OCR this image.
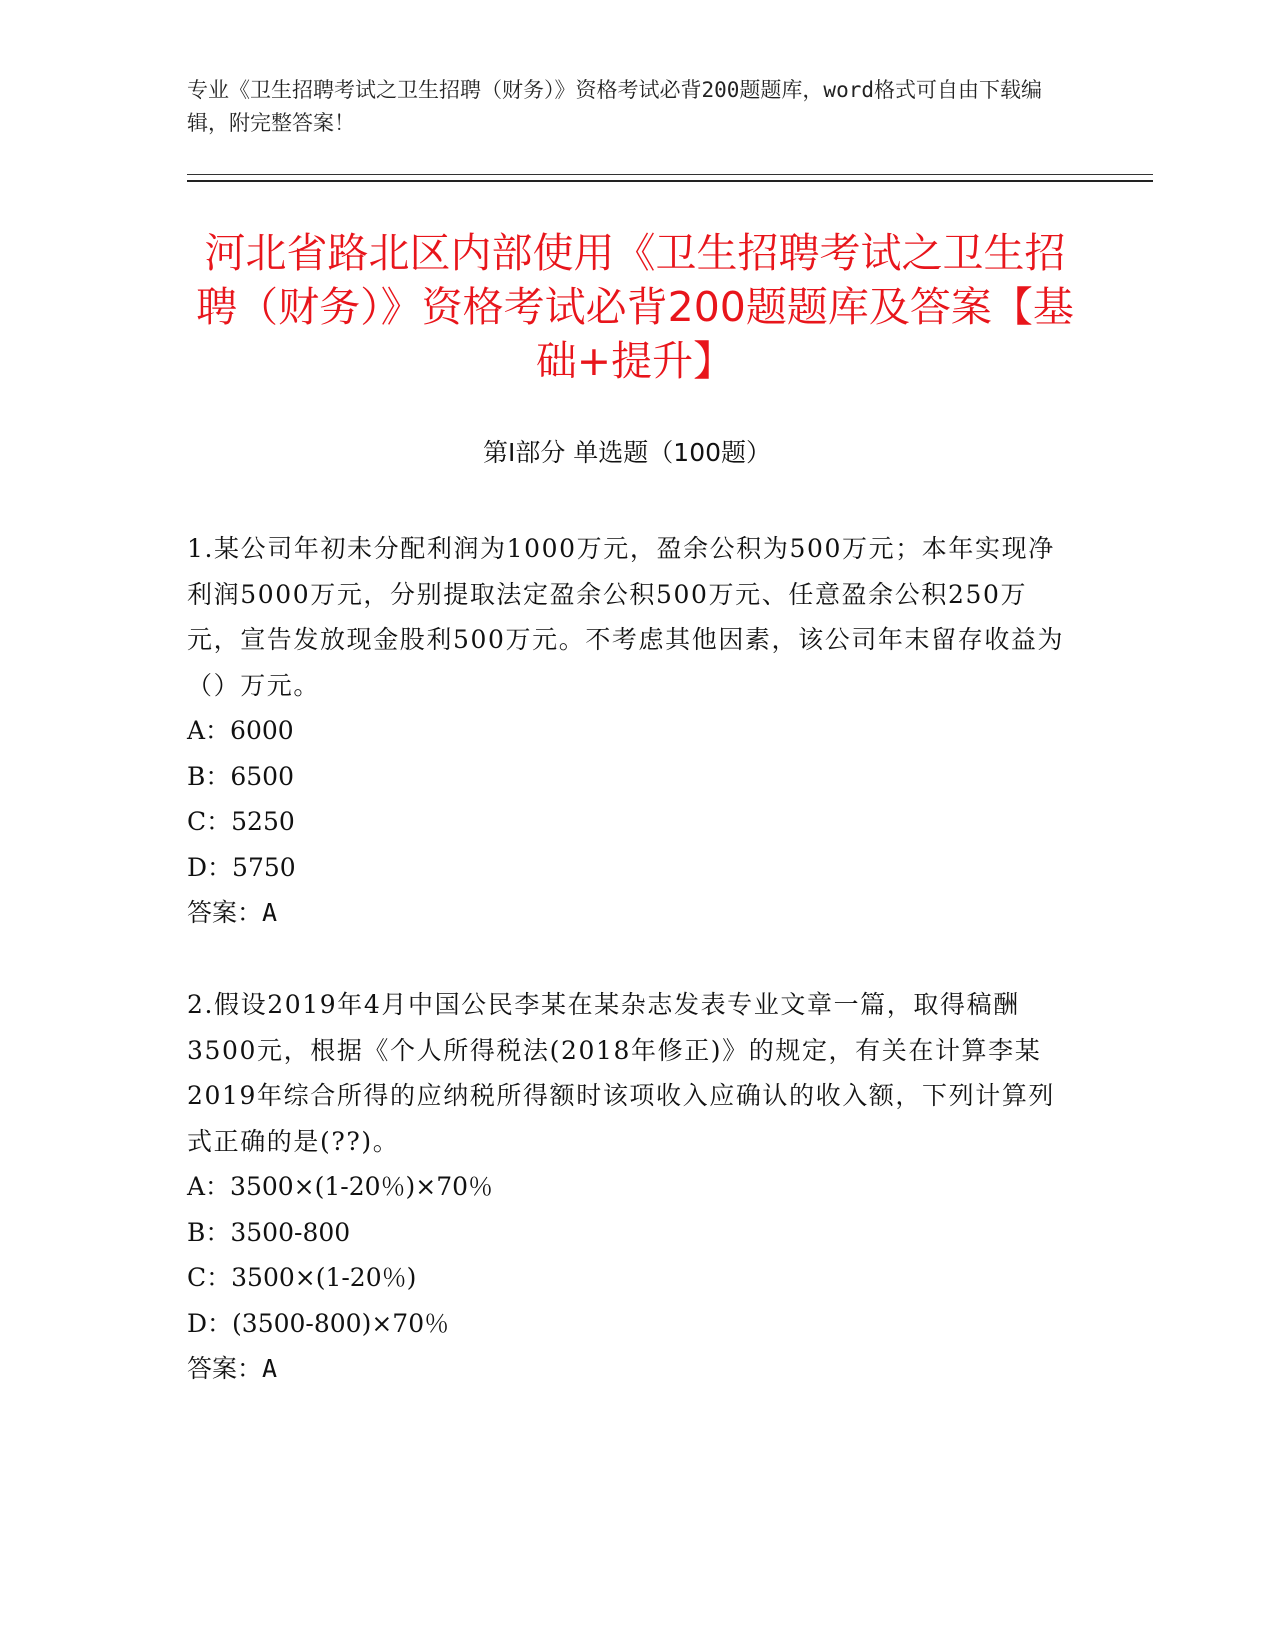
专业《卫生招聘考试之卫生招聘（财务）》资格考试必背200题题库，word格式可自由下载编辑，附完整答案！

河北省路北区内部使用《卫生招聘考试之卫生招聘（财务）》资格考试必背200题题库及答案【基础+提升】
第Ⅰ部分 单选题（100题）

1.某公司年初未分配利润为1000万元，盈余公积为500万元；本年实现净利润5000万元，分别提取法定盈余公积500万元、任意盈余公积250万元，宣告发放现金股利500万元。不考虑其他因素，该公司年末留存收益为（）万元。

A：6000

B：6500

C：5250

D：5750

答案：A

2.假设2019年4月中国公民李某在某杂志发表专业文章一篇，取得稿酬3500元，根据《个人所得税法(2018年修正)》的规定，有关在计算李某2019年综合所得的应纳税所得额时该项收入应确认的收入额，下列计算列式正确的是(??)。

A：3500×(1-20％)×70％

B：3500-800

C：3500×(1-20％)

D：(3500-800)×70％

答案：A
